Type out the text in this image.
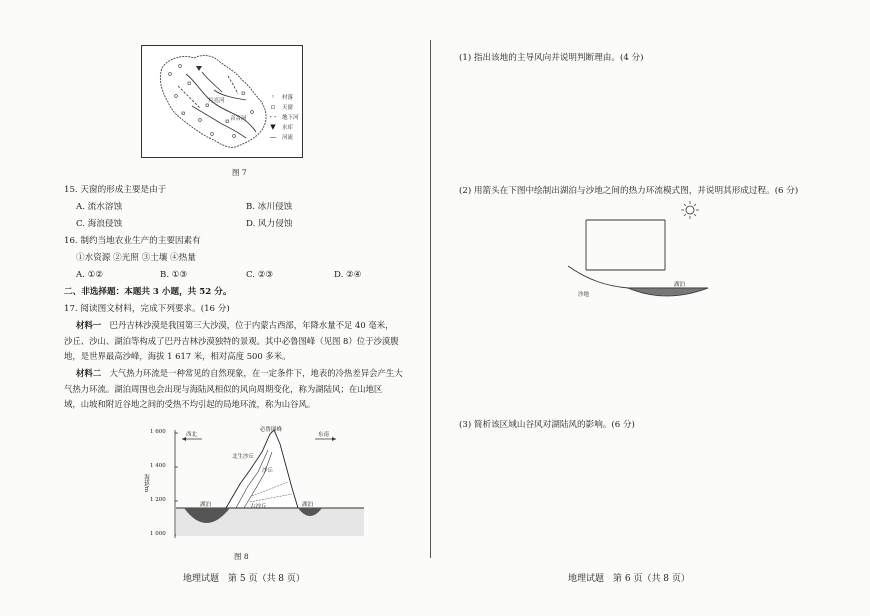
月亮河
音音河
◦	村落
▫	天窗
- -	地下河
▼	水库
—	河流
图 7
15. 天窗的形成主要是由于
A. 流水溶蚀	B. 冰川侵蚀
C. 海浪侵蚀	D. 风力侵蚀
16. 制约当地农业生产的主要因素有
①水资源 ②光照 ③土壤 ④热量
A. ①②	B. ①③	C. ②③	D. ②④
二、非选择题：本题共 3 小题，共 52 分。
17. 阅读图文材料，完成下列要求。(16 分)
材料一　 巴丹吉林沙漠是我国第三大沙漠，位于内蒙古西部，年降水量不足 40 毫米，
沙丘、沙山、湖泊等构成了巴丹吉林沙漠独特的景观。其中必鲁图峰（见图 8）位于沙漠腹
地，是世界最高沙峰，海拔 1 617 米，相对高度 500 多米。
材料二　 大气热力环流是一种常见的自然现象，在一定条件下，地表的冷热差异会产生大
气热力环流。湖泊周围也会出现与海陆风相似的风向周期变化，称为湖陆风；在山地区
域，山坡和附近谷地之间的受热不均引起的局地环流，称为山谷风。
1 600
1 400
1 200
1 000
海拔/m
西北	东南
必鲁图峰
北生沙丘
沙丘
湖泊	湖泊
古沙丘
图 8
地理试题　第 5 页（共 8 页）
(1) 指出该地的主导风向并说明判断理由。(4 分)
(2) 用箭头在下图中绘制出湖泊与沙地之间的热力环流模式图，并说明其形成过程。(6 分)
沙地
湖泊
(3) 简析该区域山谷风对湖陆风的影响。(6 分)
地理试题　第 6 页（共 8 页）
